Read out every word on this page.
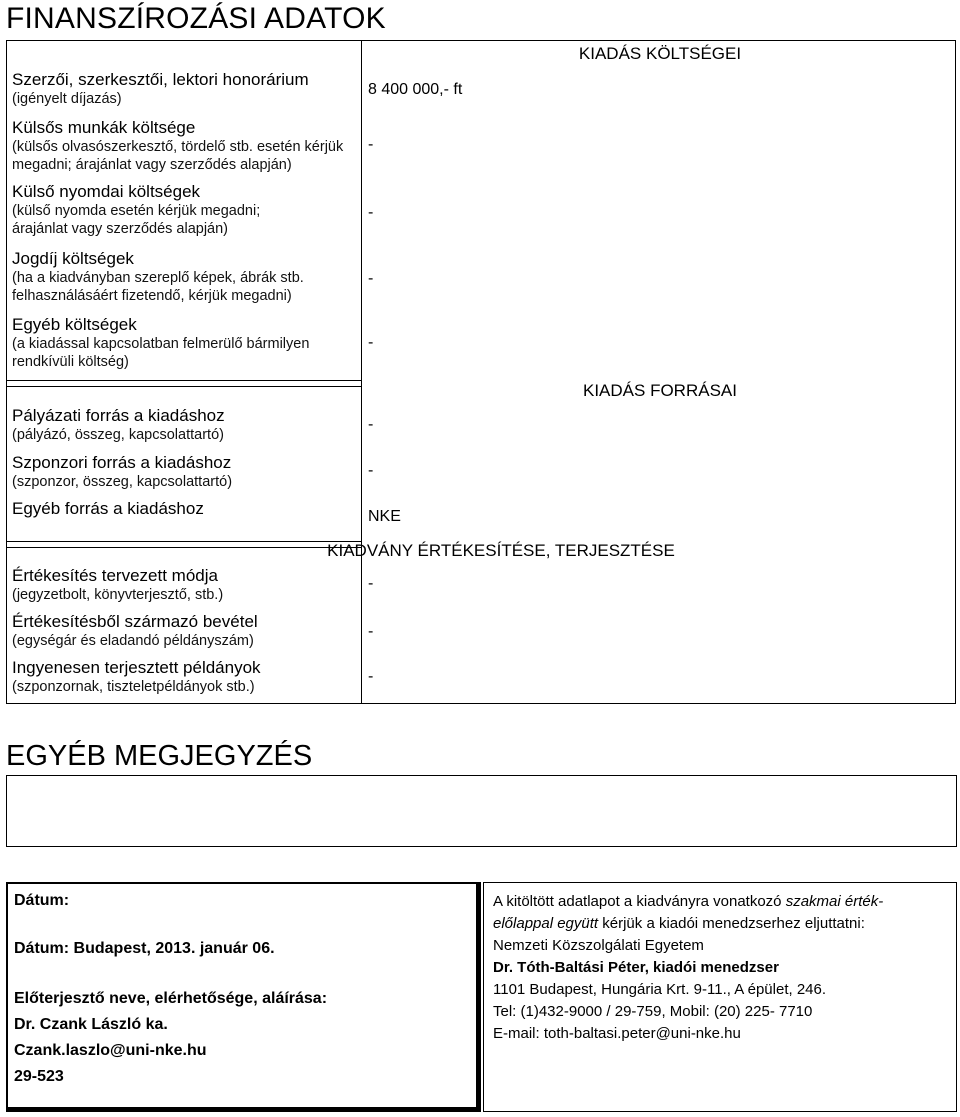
FINANSZÍROZÁSI ADATOK
Szerzői, szerkesztői, lektori honorárium
(igényelt díjazás)
Külsős munkák költsége
(külsős olvasószerkesztő, tördelő stb. esetén kérjük
megadni; árajánlat vagy szerződés alapján)
Külső nyomdai költségek
(külső nyomda esetén kérjük megadni;
árajánlat vagy szerződés alapján)
Jogdíj költségek
(ha a kiadványban szereplő képek, ábrák stb.
felhasználásáért fizetendő, kérjük megadni)
Egyéb költségek
(a kiadással kapcsolatban felmerülő bármilyen
rendkívüli költség)
Pályázati forrás a kiadáshoz
(pályázó, összeg, kapcsolattartó)
Szponzori forrás a kiadáshoz
(szponzor, összeg, kapcsolattartó)
Egyéb forrás a kiadáshoz
Értékesítés tervezett módja
(jegyzetbolt, könyvterjesztő, stb.)
Értékesítésből származó bevétel
(egységár és eladandó példányszám)
Ingyenesen terjesztett példányok
(szponzornak, tiszteletpéldányok stb.)
KIADÁS KÖLTSÉGEI
8 400 000,- ft
-
-
-
-
KIADÁS FORRÁSAI
-
-
NKE
KIADVÁNY ÉRTÉKESÍTÉSE, TERJESZTÉSE
-
-
-
EGYÉB MEGJEGYZÉS
Dátum:
Dátum: Budapest, 2013. január 06.
Előterjesztő neve, elérhetősége, aláírása:
Dr. Czank László ka.
Czank.laszlo@uni-nke.hu
29-523
A kitöltött adatlapot a kiadványra vonatkozó szakmai érték-
előlappal együtt kérjük a kiadói menedzserhez eljuttatni:
Nemzeti Közszolgálati Egyetem
Dr. Tóth-Baltási Péter, kiadói menedzser
1101 Budapest, Hungária Krt. 9-11., A épület, 246.
Tel: (1)432-9000 / 29-759, Mobil: (20) 225- 7710
E-mail: toth-baltasi.peter@uni-nke.hu
